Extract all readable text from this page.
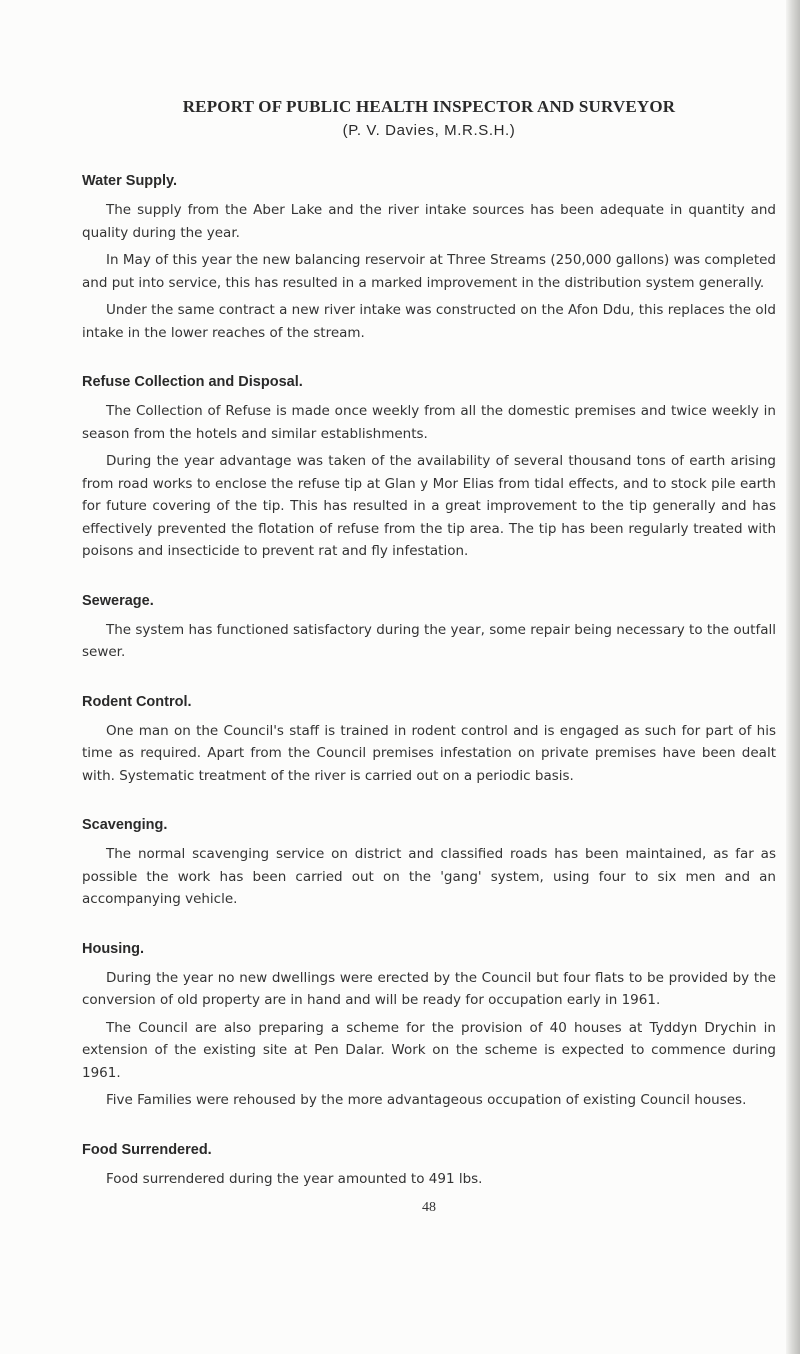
REPORT OF PUBLIC HEALTH INSPECTOR AND SURVEYOR

(P. V. Davies, M.R.S.H.)

Water Supply.

The supply from the Aber Lake and the river intake sources has been adequate in quantity and quality during the year.

In May of this year the new balancing reservoir at Three Streams (250,000 gallons) was completed and put into service, this has resulted in a marked improvement in the distribution system generally.

Under the same contract a new river intake was constructed on the Afon Ddu, this replaces the old intake in the lower reaches of the stream.

Refuse Collection and Disposal.

The Collection of Refuse is made once weekly from all the domestic premises and twice weekly in season from the hotels and similar establishments.

During the year advantage was taken of the availability of several thousand tons of earth arising from road works to enclose the refuse tip at Glan y Mor Elias from tidal effects, and to stock pile earth for future covering of the tip. This has resulted in a great improvement to the tip generally and has effectively prevented the flotation of refuse from the tip area. The tip has been regularly treated with poisons and insecticide to prevent rat and fly infestation.

Sewerage.

The system has functioned satisfactory during the year, some repair being necessary to the outfall sewer.

Rodent Control.

One man on the Council's staff is trained in rodent control and is engaged as such for part of his time as required. Apart from the Council premises infestation on private premises have been dealt with. Systematic treatment of the river is carried out on a periodic basis.

Scavenging.

The normal scavenging service on district and classified roads has been maintained, as far as possible the work has been carried out on the 'gang' system, using four to six men and an accompanying vehicle.

Housing.

During the year no new dwellings were erected by the Council but four flats to be provided by the conversion of old property are in hand and will be ready for occupation early in 1961.

The Council are also preparing a scheme for the provision of 40 houses at Tyddyn Drychin in extension of the existing site at Pen Dalar. Work on the scheme is expected to commence during 1961.

Five Families were rehoused by the more advantageous occupation of existing Council houses.

Food Surrendered.

Food surrendered during the year amounted to 491 lbs.

48
